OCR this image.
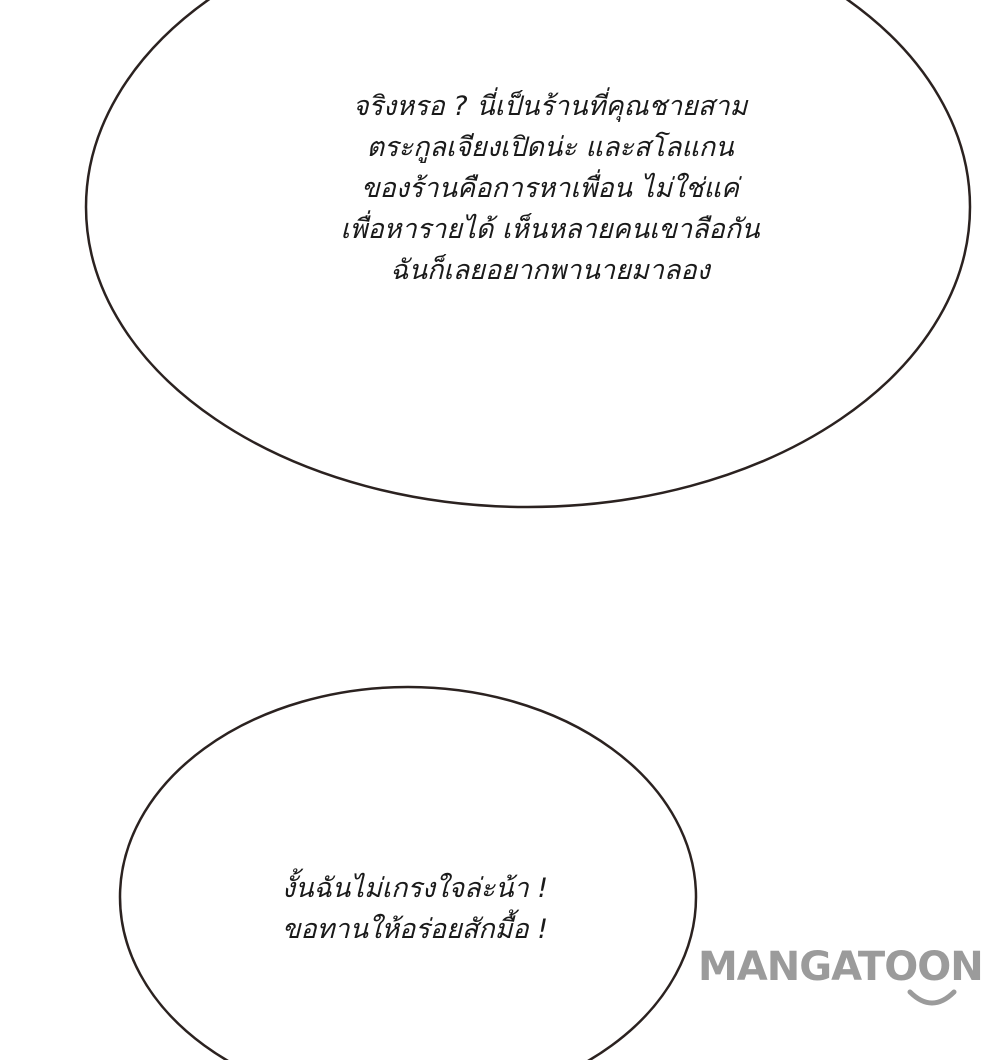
จริงหรอ ? นี่เป็นร้านที่คุณชายสาม
ตระกูลเจียงเปิดน่ะ และสโลแกน
ของร้านคือการหาเพื่อน ไม่ใช่แค่
เพื่อหารายได้ เห็นหลายคนเขาลือกัน
ฉันก็เลยอยากพานายมาลอง
งั้นฉันไม่เกรงใจล่ะน้า !
ขอทานให้อร่อยสักมื้อ !
MANGATOON
